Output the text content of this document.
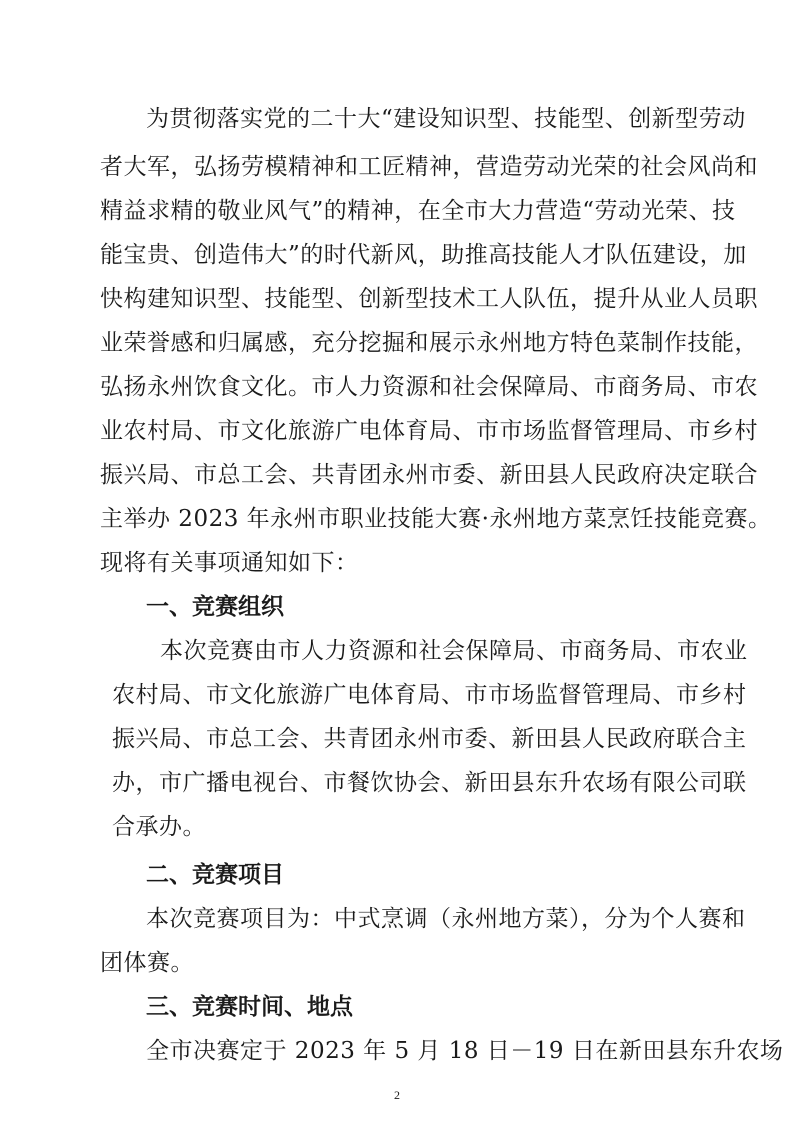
为贯彻落实党的二十大“建设知识型、技能型、创新型劳动
者大军，弘扬劳模精神和工匠精神，营造劳动光荣的社会风尚和
精益求精的敬业风气”的精神，在全市大力营造“劳动光荣、技
能宝贵、创造伟大”的时代新风，助推高技能人才队伍建设，加
快构建知识型、技能型、创新型技术工人队伍，提升从业人员职
业荣誉感和归属感，充分挖掘和展示永州地方特色菜制作技能，
弘扬永州饮食文化。市人力资源和社会保障局、市商务局、市农
业农村局、市文化旅游广电体育局、市市场监督管理局、市乡村
振兴局、市总工会、共青团永州市委、新田县人民政府决定联合
主举办 2023 年永州市职业技能大赛·永州地方菜烹饪技能竞赛。
现将有关事项通知如下：
一、竞赛组织
本次竞赛由市人力资源和社会保障局、市商务局、市农业
农村局、市文化旅游广电体育局、市市场监督管理局、市乡村
振兴局、市总工会、共青团永州市委、新田县人民政府联合主
办，市广播电视台、市餐饮协会、新田县东升农场有限公司联
合承办。
二、竞赛项目
本次竞赛项目为：中式烹调（永州地方菜），分为个人赛和
团体赛。
三、竞赛时间、地点
全市决赛定于 2023 年 5 月 18 日－19 日在新田县东升农场
2
